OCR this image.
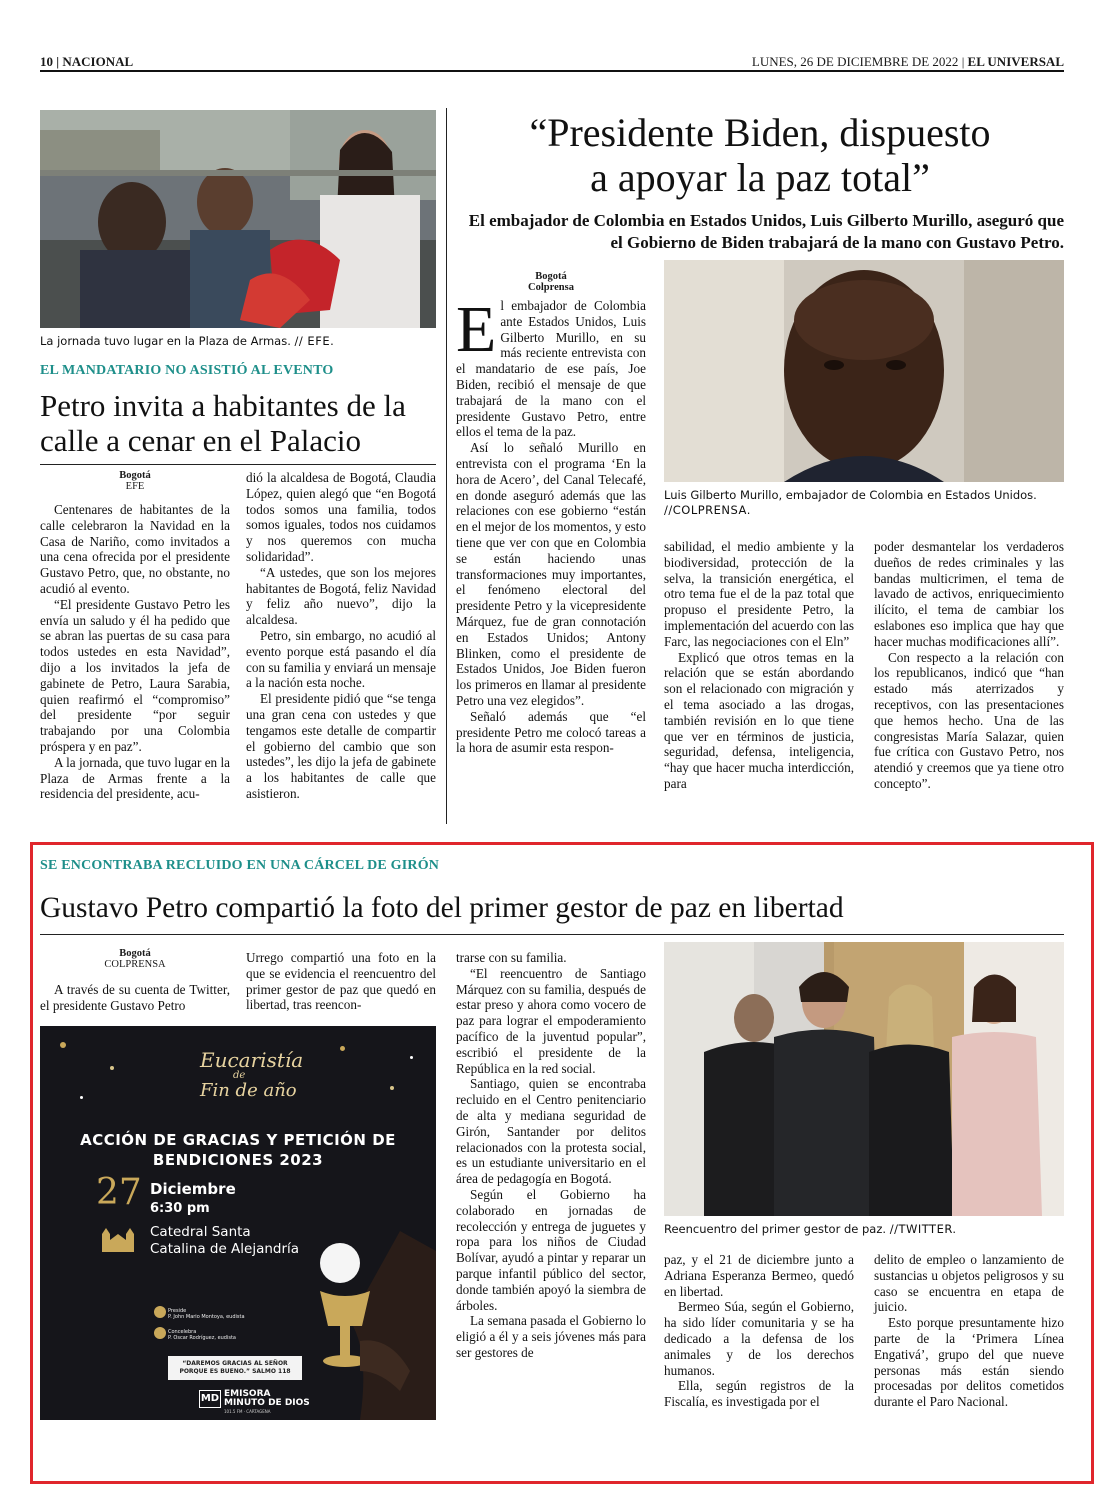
10 | NACIONAL	LUNES, 26 DE DICIEMBRE DE 2022 | EL UNIVERSAL
La jornada tuvo lugar en la Plaza de Armas. // EFE.
EL MANDATARIO NO ASISTIÓ AL EVENTO
Petro invita a habitantes de la calle a cenar en el Palacio
Bogotá
EFE

Centenares de habitantes de la calle celebraron la Navidad en la Casa de Nariño, como invitados a una cena ofrecida por el presidente Gustavo Petro, que, no obstante, no acudió al evento.

“El presidente Gustavo Petro les envía un saludo y él ha pedido que se abran las puertas de su casa para todos ustedes en esta Navidad”, dijo a los invitados la jefa de gabinete de Petro, Laura Sarabia, quien reafirmó el “compromiso” del presidente “por seguir trabajando por una Colombia próspera y en paz”.

A la jornada, que tuvo lugar en la Plaza de Armas frente a la residencia del presidente, acu-

dió la alcaldesa de Bogotá, Claudia López, quien alegó que “en Bogotá todos somos una familia, todos somos iguales, todos nos cuidamos y nos queremos con mucha solidaridad”.

“A ustedes, que son los mejores habitantes de Bogotá, feliz Navidad y feliz año nuevo”, dijo la alcaldesa.

Petro, sin embargo, no acudió al evento porque está pasando el día con su familia y enviará un mensaje a la nación esta noche.

El presidente pidió que “se tenga una gran cena con ustedes y que tengamos este detalle de compartir el gobierno del cambio que son ustedes”, les dijo la jefa de gabinete a los habitantes de calle que asistieron.

“Presidente Biden, dispuesto
a apoyar la paz total”
El embajador de Colombia en Estados Unidos, Luis Gilberto Murillo, aseguró que el Gobierno de Biden trabajará de la mano con Gustavo Petro.
Bogotá
Colprensa

El embajador de Colombia ante Estados Unidos, Luis Gilberto Murillo, en su más reciente entrevista con el mandatario de ese país, Joe Biden, recibió el mensaje de que trabajará de la mano con el presidente Gustavo Petro, entre ellos el tema de la paz.

Así lo señaló Murillo en entrevista con el programa ‘En la hora de Acero’, del Canal Telecafé, en donde aseguró además que las relaciones con ese gobierno “están en el mejor de los momentos, y esto tiene que ver con que en Colombia se están haciendo unas transformaciones muy importantes, el fenómeno electoral del presidente Petro y la vicepresidente Márquez, fue de gran connotación en Estados Unidos; Antony Blinken, como el presidente de Estados Unidos, Joe Biden fueron los primeros en llamar al presidente Petro una vez elegidos”.

Señaló además que “el presidente Petro me colocó tareas a la hora de asumir esta respon-

Luis Gilberto Murillo, embajador de Colombia en Estados Unidos.
//COLPRENSA.

sabilidad, el medio ambiente y la biodiversidad, protección de la selva, la transición energética, el otro tema fue el de la paz total que propuso el presidente Petro, la implementación del acuerdo con las Farc, las negociaciones con el Eln”

Explicó que otros temas en la relación que se están abordando son el relacionado con migración y el tema asociado a las drogas, también revisión en lo que tiene que ver en términos de justicia, seguridad, defensa, inteligencia, “hay que hacer mucha interdicción, para

poder desmantelar los verdaderos dueños de redes criminales y las bandas multicrimen, el tema de lavado de activos, enriquecimiento ilícito, el tema de cambiar los eslabones eso implica que hay que hacer muchas modificaciones allí”.

Con respecto a la relación con los republicanos, indicó que “han estado más aterrizados y receptivos, con las presentaciones que hemos hecho. Una de las congresistas María Salazar, quien fue crítica con Gustavo Petro, nos atendió y creemos que ya tiene otro concepto”.

SE ENCONTRABA RECLUIDO EN UNA CÁRCEL DE GIRÓN
Gustavo Petro compartió la foto del primer gestor de paz en libertad
Bogotá
COLPRENSA

A través de su cuenta de Twitter, el presidente Gustavo Petro

Urrego compartió una foto en la que se evidencia el reencuentro del primer gestor de paz que quedó en libertad, tras reencon-

trarse con su familia.

“El reencuentro de Santiago Márquez con su familia, después de estar preso y ahora como vocero de paz para lograr el empoderamiento pacífico de la juventud popular”, escribió el presidente de la República en la red social.

Santiago, quien se encontraba recluido en el Centro penitenciario de alta y mediana seguridad de Girón, Santander por delitos relacionados con la protesta social, es un estudiante universitario en el área de pedagogía en Bogotá.

Según el Gobierno ha colaborado en jornadas de recolección y entrega de juguetes y ropa para los niños de Ciudad Bolívar, ayudó a pintar y reparar un parque infantil público del sector, donde también apoyó la siembra de árboles.

La semana pasada el Gobierno lo eligió a él y a seis jóvenes más para ser gestores de

Eucaristía
de
Fin de año
ACCIÓN DE GRACIAS Y PETICIÓN DE
BENDICIONES 2023
27 Diciembre
6:30 pm
Catedral Santa
Catalina de Alejandría
Preside
P. John Mario Montoya, eudista
Concelebra
P. Oscar Rodríguez, eudista
“DAREMOS GRACIAS AL SEÑOR
PORQUE ES BUENO.” SALMO 118
MD EMISORA
MINUTO DE DIOS
101.5 FM · CARTAGENA
Reencuentro del primer gestor de paz. //TWITTER.

paz, y el 21 de diciembre junto a Adriana Esperanza Bermeo, quedó en libertad.

Bermeo Súa, según el Gobierno, ha sido líder comunitaria y se ha dedicado a la defensa de los animales y de los derechos humanos.

Ella, según registros de la Fiscalía, es investigada por el

delito de empleo o lanzamiento de sustancias u objetos peligrosos y su caso se encuentra en etapa de juicio.

Esto porque presuntamente hizo parte de la ‘Primera Línea Engativá’, grupo del que nueve personas más están siendo procesadas por delitos cometidos durante el Paro Nacional.
